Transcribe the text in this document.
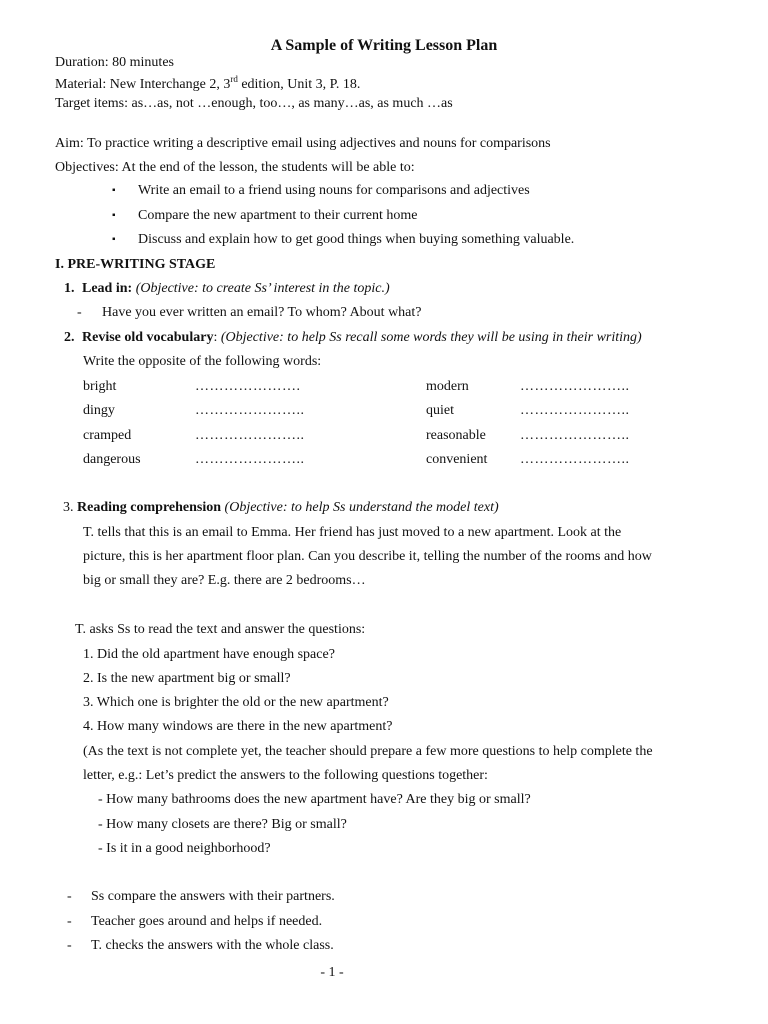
A Sample of Writing Lesson Plan
Duration: 80 minutes
Material: New Interchange 2, 3rd edition, Unit 3, P. 18.
Target items: as…as, not …enough, too…, as many…as, as much …as
Aim: To practice writing a descriptive email using adjectives and nouns for comparisons
Objectives: At the end of the lesson, the students will be able to:
▪ Write an email to a friend using nouns for comparisons and adjectives
▪ Compare the new apartment to their current home
▪ Discuss and explain how to get good things when buying something valuable.
I. PRE-WRITING STAGE
1. Lead in: (Objective: to create Ss’ interest in the topic.)
- Have you ever written an email? To whom? About what?
2. Revise old vocabulary: (Objective: to help Ss recall some words they will be using in their writing)
Write the opposite of the following words:
bright	………………….	modern	…………………..
dingy	…………………..	quiet	…………………..
cramped	…………………..	reasonable …………………..
dangerous	…………………..	convenient …………………..
3. Reading comprehension (Objective: to help Ss understand the model text)
T. tells that this is an email to Emma. Her friend has just moved to a new apartment. Look at the
picture, this is her apartment floor plan. Can you describe it, telling the number of the rooms and how
big or small they are? E.g. there are 2 bedrooms…
T. asks Ss to read the text and answer the questions:
1. Did the old apartment have enough space?
2. Is the new apartment big or small?
3. Which one is brighter the old or the new apartment?
4. How many windows are there in the new apartment?
(As the text is not complete yet, the teacher should prepare a few more questions to help complete the
letter, e.g.: Let’s predict the answers to the following questions together:
- How many bathrooms does the new apartment have? Are they big or small?
- How many closets are there? Big or small?
- Is it in a good neighborhood?
- Ss compare the answers with their partners.
- Teacher goes around and helps if needed.
- T. checks the answers with the whole class.
- 1 -
